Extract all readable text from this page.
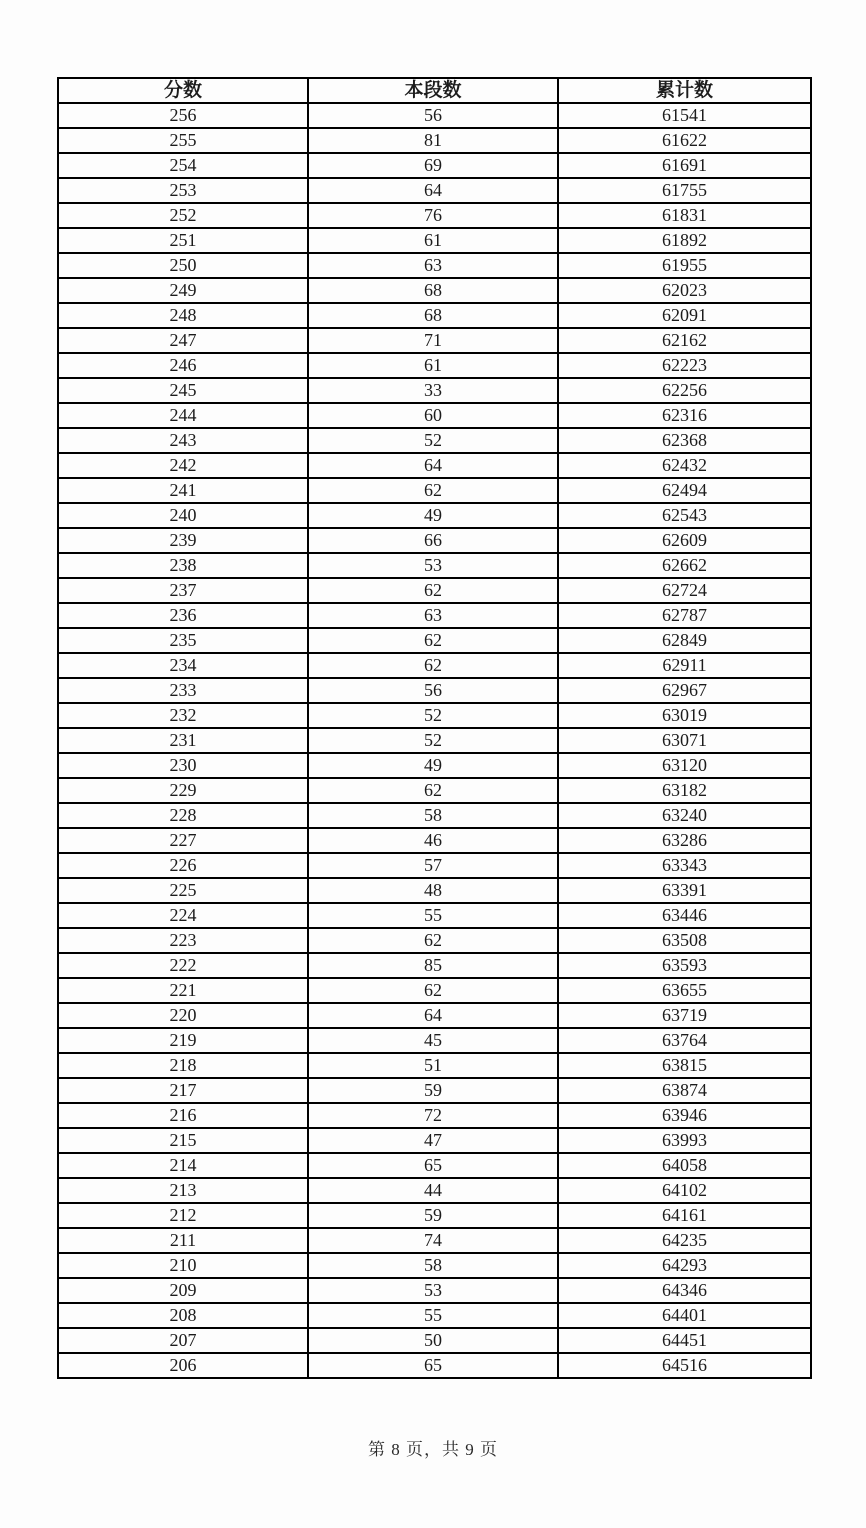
分数	本段数	累计数
256	56	61541
255	81	61622
254	69	61691
253	64	61755
252	76	61831
251	61	61892
250	63	61955
249	68	62023
248	68	62091
247	71	62162
246	61	62223
245	33	62256
244	60	62316
243	52	62368
242	64	62432
241	62	62494
240	49	62543
239	66	62609
238	53	62662
237	62	62724
236	63	62787
235	62	62849
234	62	62911
233	56	62967
232	52	63019
231	52	63071
230	49	63120
229	62	63182
228	58	63240
227	46	63286
226	57	63343
225	48	63391
224	55	63446
223	62	63508
222	85	63593
221	62	63655
220	64	63719
219	45	63764
218	51	63815
217	59	63874
216	72	63946
215	47	63993
214	65	64058
213	44	64102
212	59	64161
211	74	64235
210	58	64293
209	53	64346
208	55	64401
207	50	64451
206	65	64516
第 8 页，共 9 页
